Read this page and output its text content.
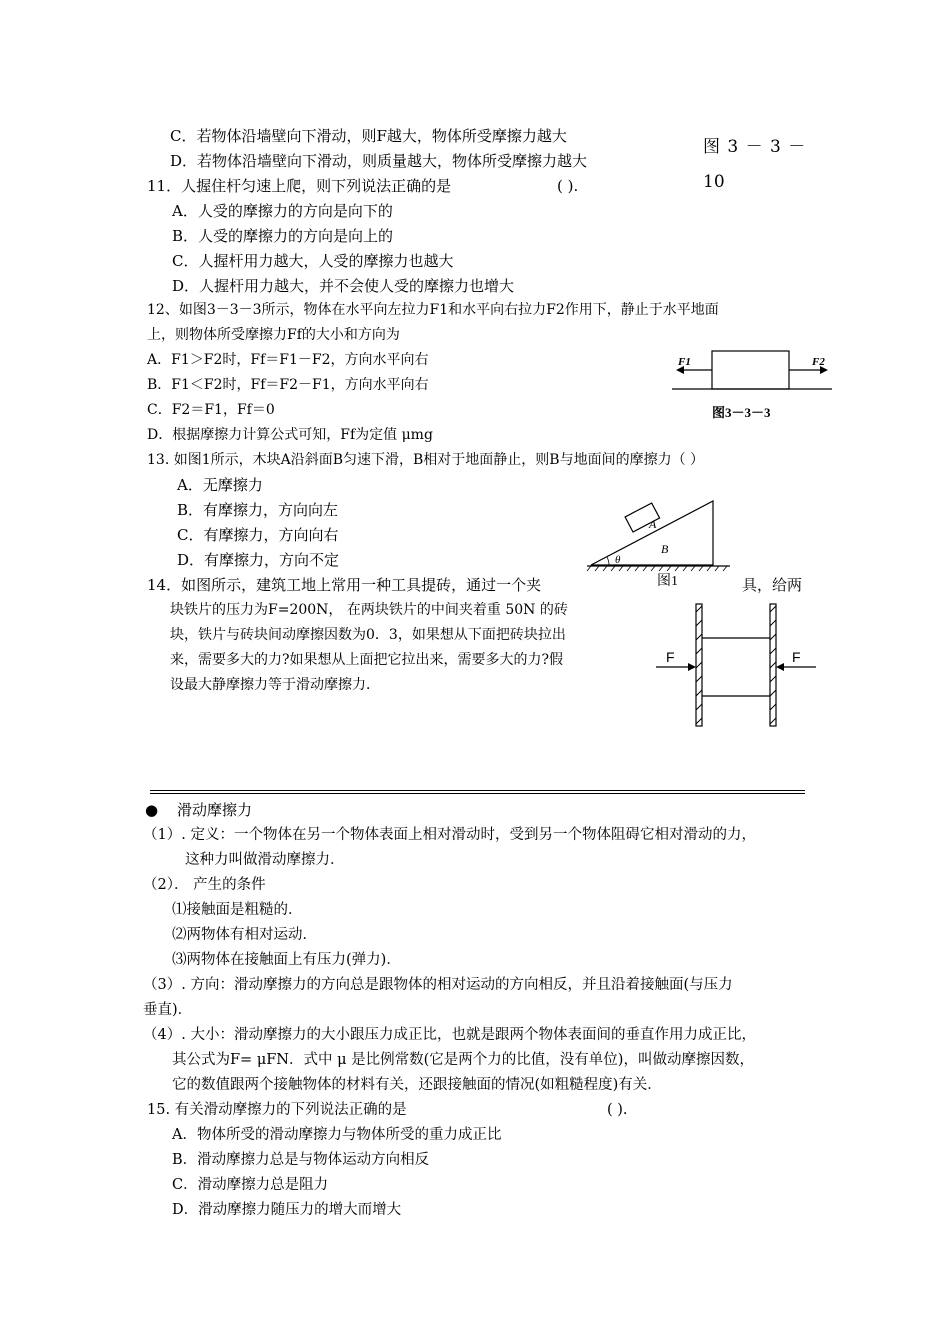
C．若物体沿墙壁向下滑动，则F越大，物体所受摩擦力越大
D．若物体沿墙壁向下滑动，则质量越大，物体所受摩擦力越大
图 3 － 3 －
10
11．人握住杆匀速上爬，则下列说法正确的是	( ).
A．人受的摩擦力的方向是向下的
B．人受的摩擦力的方向是向上的
C．人握杆用力越大，人受的摩擦力也越大
D．人握杆用力越大，并不会使人受的摩擦力也增大
12、如图3－3－3所示，物体在水平向左拉力F1和水平向右拉力F2作用下，静止于水平地面
上，则物体所受摩擦力Ff的大小和方向为
A．F1＞F2时，Ff＝F1－F2，方向水平向右
B．F1＜F2时，Ff＝F2－F1，方向水平向右
C．F2＝F1，Ff＝0
D．根据摩擦力计算公式可知，Ff为定值 μmg
F1	F2
图3－3－3
13. 如图1所示，木块A沿斜面B匀速下滑，B相对于地面静止，则B与地面间的摩擦力（ ）
A．无摩擦力
B．有摩擦力，方向向左
C．有摩擦力，方向向右
D．有摩擦力，方向不定
A
B
θ
图1
14．如图所示，建筑工地上常用一种工具提砖，通过一个夹	具，给两
块铁片的压力为F=200N， 在两块铁片的中间夹着重 50N 的砖
块，铁片与砖块间动摩擦因数为0．3，如果想从下面把砖块拉出
来，需要多大的力?如果想从上面把它拉出来，需要多大的力?假
设最大静摩擦力等于滑动摩擦力．
F	F
● 滑动摩擦力
（1）. 定义：一个物体在另一个物体表面上相对滑动时，受到另一个物体阻碍它相对滑动的力，
这种力叫做滑动摩擦力．
（2）． 产生的条件
⑴接触面是粗糙的．
⑵两物体有相对运动．
⑶两物体在接触面上有压力(弹力)．
（3）. 方向：滑动摩擦力的方向总是跟物体的相对运动的方向相反，并且沿着接触面(与压力
垂直)．
（4）. 大小：滑动摩擦力的大小跟压力成正比，也就是跟两个物体表面间的垂直作用力成正比，
其公式为F= μFN．式中 μ 是比例常数(它是两个力的比值，没有单位)，叫做动摩擦因数，
它的数值跟两个接触物体的材料有关，还跟接触面的情况(如粗糙程度)有关．
15. 有关滑动摩擦力的下列说法正确的是	( ).
A．物体所受的滑动摩擦力与物体所受的重力成正比
B．滑动摩擦力总是与物体运动方向相反
C．滑动摩擦力总是阻力
D．滑动摩擦力随压力的增大而增大
